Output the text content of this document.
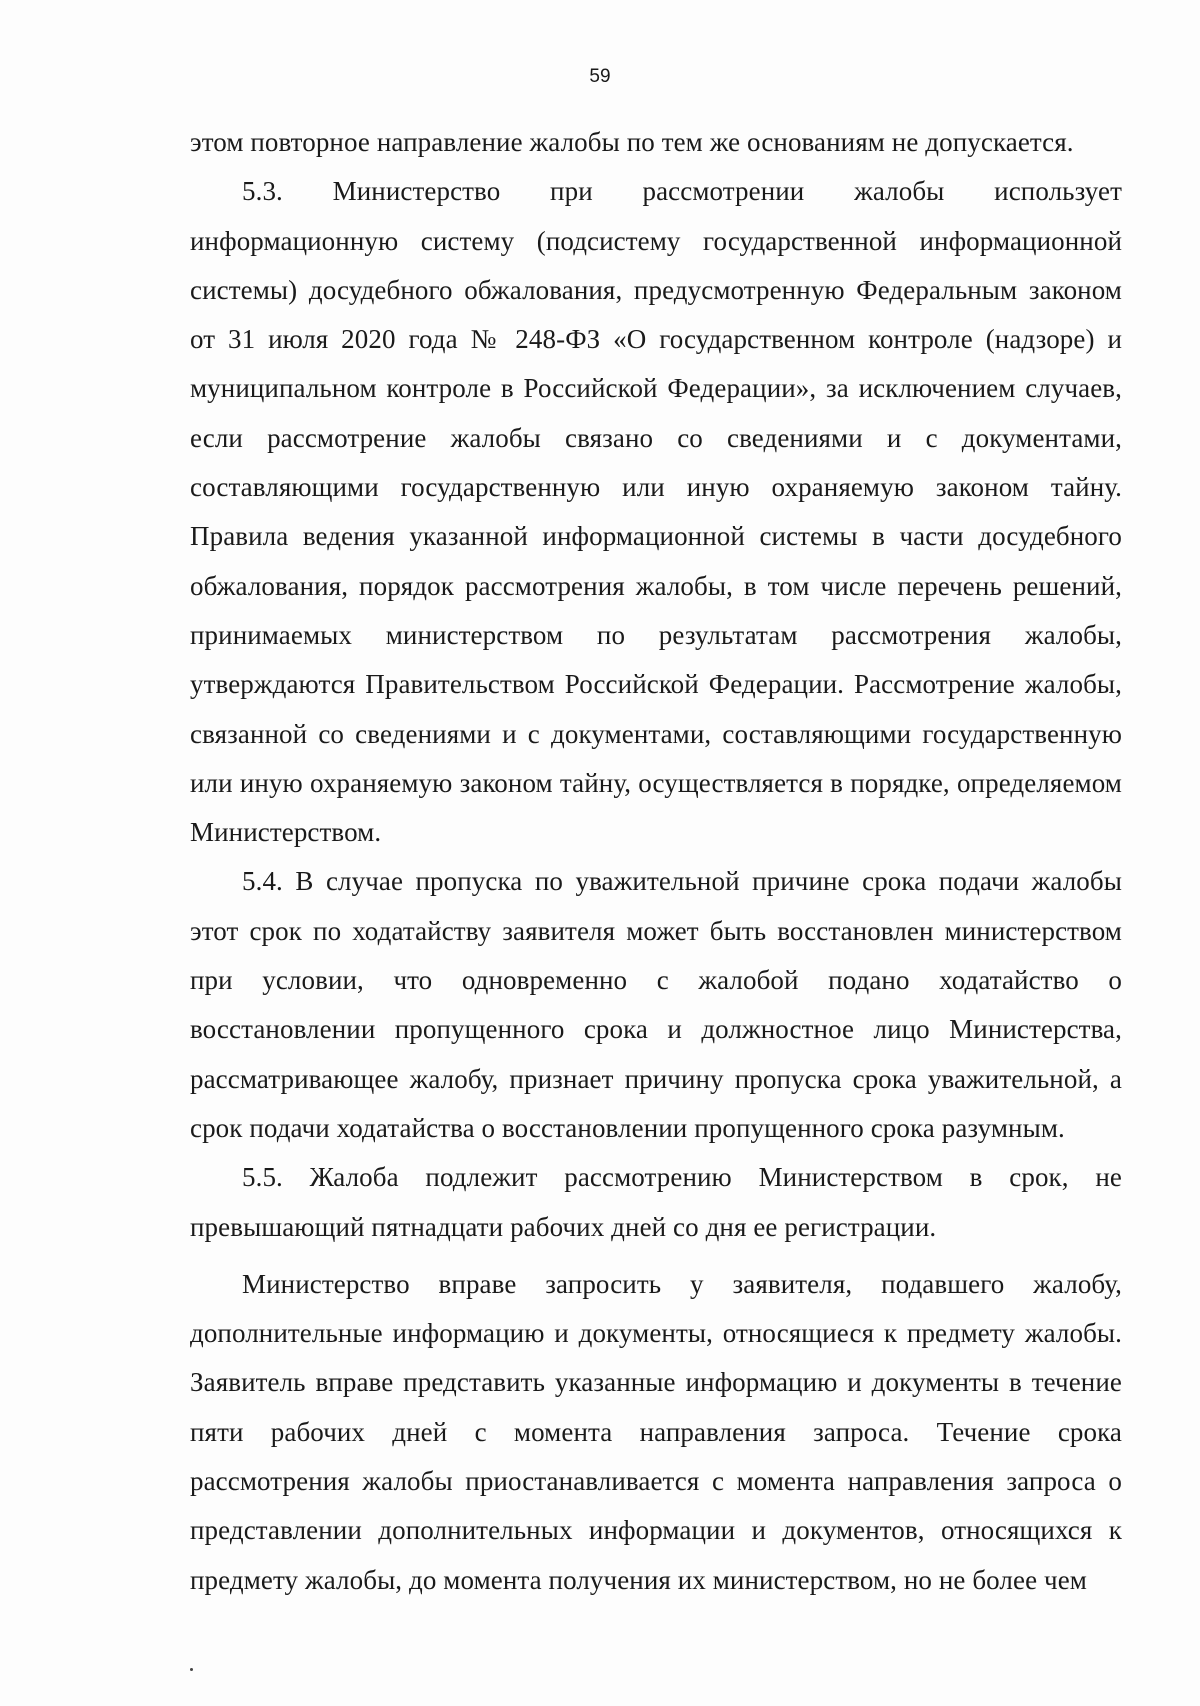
59

этом повторное направление жалобы по тем же основаниям не допускается.

5.3. Министерство при рассмотрении жалобы использует информационную систему (подсистему государственной информационной системы) досудебного обжалования, предусмотренную Федеральным законом от 31 июля 2020 года № 248-ФЗ «О государственном контроле (надзоре) и муниципальном контроле в Российской Федерации», за исключением случаев, если рассмотрение жалобы связано со сведениями и с документами, составляющими государственную или иную охраняемую законом тайну. Правила ведения указанной информационной системы в части досудебного обжалования, порядок рассмотрения жалобы, в том числе перечень решений, принимаемых министерством по результатам рассмотрения жалобы, утверждаются Правительством Российской Федерации. Рассмотрение жалобы, связанной со сведениями и с документами, составляющими государственную или иную охраняемую законом тайну, осуществляется в порядке, определяемом Министерством.

5.4. В случае пропуска по уважительной причине срока подачи жалобы этот срок по ходатайству заявителя может быть восстановлен министерством при условии, что одновременно с жалобой подано ходатайство о восстановлении пропущенного срока и должностное лицо Министерства, рассматривающее жалобу, признает причину пропуска срока уважительной, а срок подачи ходатайства о восстановлении пропущенного срока разумным.

5.5. Жалоба подлежит рассмотрению Министерством в срок, не превышающий пятнадцати рабочих дней со дня ее регистрации.

Министерство вправе запросить у заявителя, подавшего жалобу, дополнительные информацию и документы, относящиеся к предмету жалобы. Заявитель вправе представить указанные информацию и документы в течение пяти рабочих дней с момента направления запроса. Течение срока рассмотрения жалобы приостанавливается с момента направления запроса о представлении дополнительных информации и документов, относящихся к предмету жалобы, до момента получения их министерством, но не более чем
